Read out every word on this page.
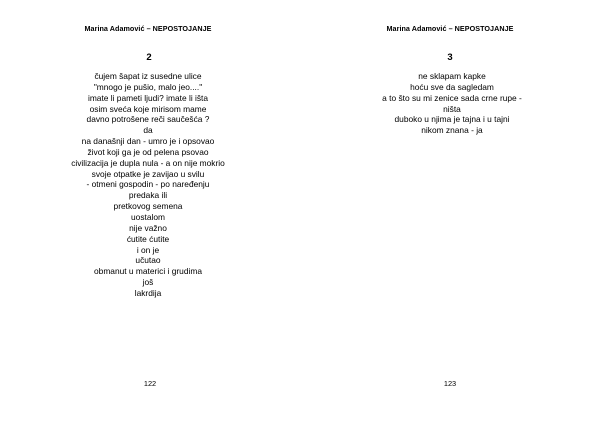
Marina Adamović – NEPOSTOJANJE
2
čujem šapat iz susedne ulice
"mnogo je pušio, malo jeo...."
imate li pameti ljudi? imate li išta
osim sveća koje mirisom mame
davno potrošene reči saučešća ?
da
na današnji dan - umro je i opsovao
život koji ga je od pelena psovao
civilizacija je dupla nula - a on nije mokrio
svoje otpatke je zavijao u svilu
- otmeni gospodin - po naređenju
predaka ili
pretkovog semena
uostalom
nije važno
ćutite ćutite
i on je
učutao
obmanut u materici i grudima
još
lakrdija
122
Marina Adamović – NEPOSTOJANJE
3
ne sklapam kapke
hoću sve da sagledam
a to što su mi zenice sada crne rupe -
ništa
duboko u njima je tajna i u tajni
nikom znana - ja
123
